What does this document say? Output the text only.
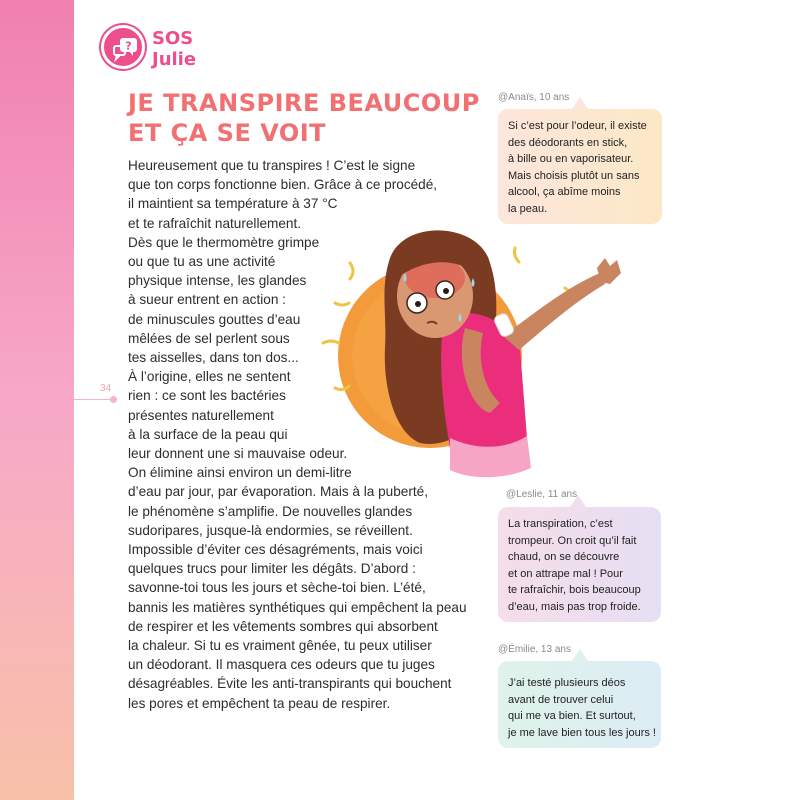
34
? SOS
Julie
JE TRANSPIRE BEAUCOUP
ET ÇA SE VOIT
Heureusement que tu transpires ! C’est le signe
que ton corps fonctionne bien. Grâce à ce procédé,
il maintient sa température à 37 °C
et te rafraîchit naturellement.
Dès que le thermomètre grimpe
ou que tu as une activité
physique intense, les glandes
à sueur entrent en action :
de minuscules gouttes d’eau
mêlées de sel perlent sous
tes aisselles, dans ton dos...
À l’origine, elles ne sentent
rien : ce sont les bactéries
présentes naturellement
à la surface de la peau qui
leur donnent une si mauvaise odeur.
On élimine ainsi environ un demi-litre
d’eau par jour, par évaporation. Mais à la puberté,
le phénomène s’amplifie. De nouvelles glandes
sudoripares, jusque-là endormies, se réveillent.
Impossible d’éviter ces désagréments, mais voici
quelques trucs pour limiter les dégâts. D’abord :
savonne-toi tous les jours et sèche-toi bien. L’été,
bannis les matières synthétiques qui empêchent la peau
de respirer et les vêtements sombres qui absorbent
la chaleur. Si tu es vraiment gênée, tu peux utiliser
un déodorant. Il masquera ces odeurs que tu juges
désagréables. Évite les anti-transpirants qui bouchent
les pores et empêchent ta peau de respirer.
@Anaïs, 10 ans
Si c’est pour l’odeur, il existe
des déodorants en stick,
à bille ou en vaporisateur.
Mais choisis plutôt un sans
alcool, ça abîme moins
la peau.
@Leslie, 11 ans
La transpiration, c’est
trompeur. On croit qu’il fait
chaud, on se découvre
et on attrape mal ! Pour
te rafraîchir, bois beaucoup
d’eau, mais pas trop froide.
@Émilie, 13 ans
J’ai testé plusieurs déos
avant de trouver celui
qui me va bien. Et surtout,
je me lave bien tous les jours !
